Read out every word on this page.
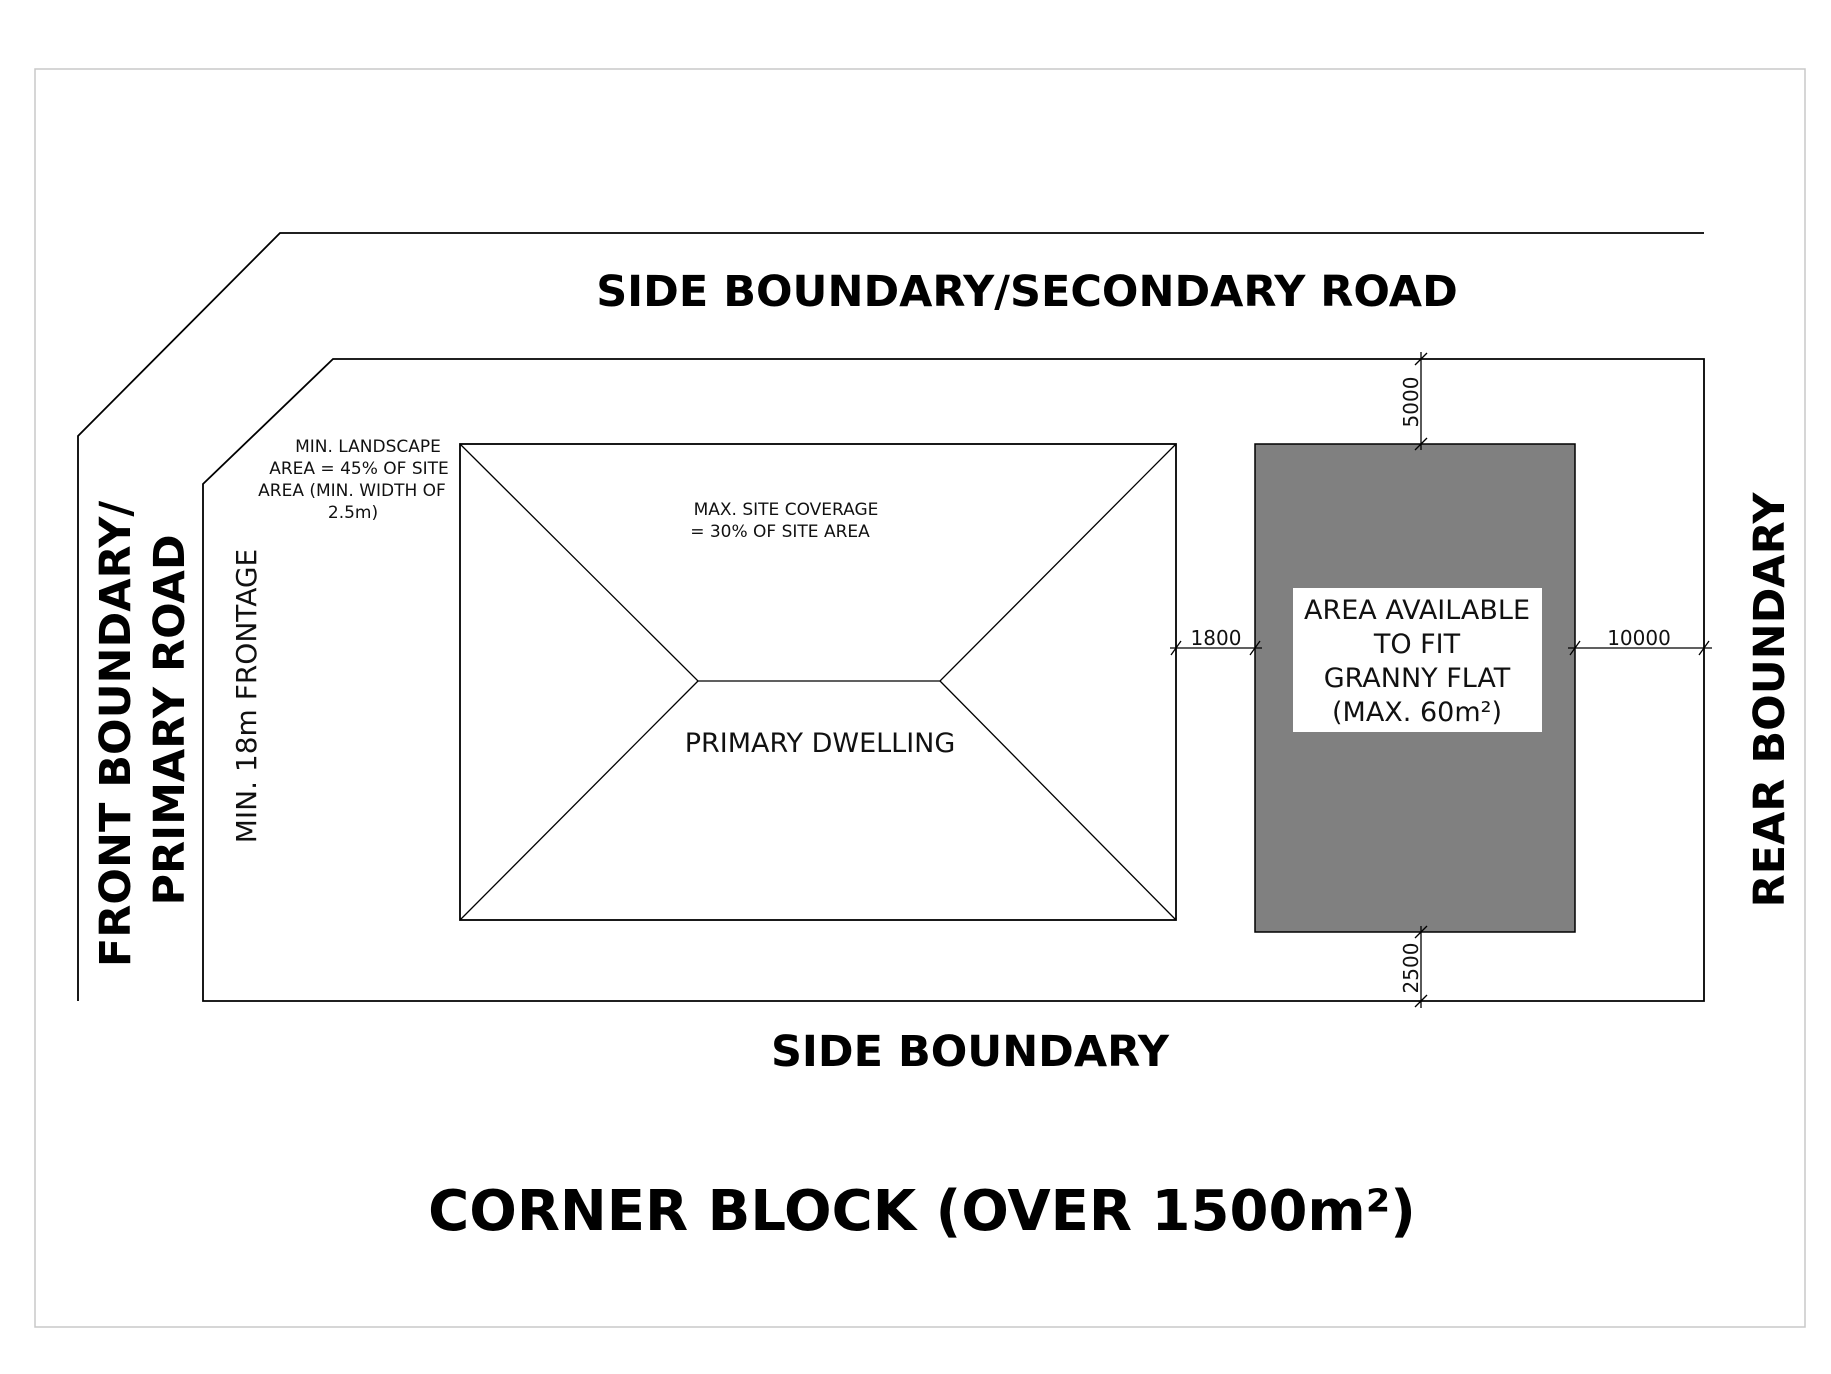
SIDE BOUNDARY/SECONDARY ROAD
SIDE BOUNDARY
FRONT BOUNDARY/ PRIMARY ROAD	REAR BOUNDARY
MIN. 18m FRONTAGE
MIN. LANDSCAPE
AREA = 45% OF SITE
AREA (MIN. WIDTH OF
2.5m)	MAX. SITE COVERAGE
= 30% OF SITE AREA
PRIMARY DWELLING
AREA AVAILABLE
TO FIT
GRANNY FLAT
(MAX. 60m²)
5000
2500
1800	10000
CORNER BLOCK (OVER 1500m²)
